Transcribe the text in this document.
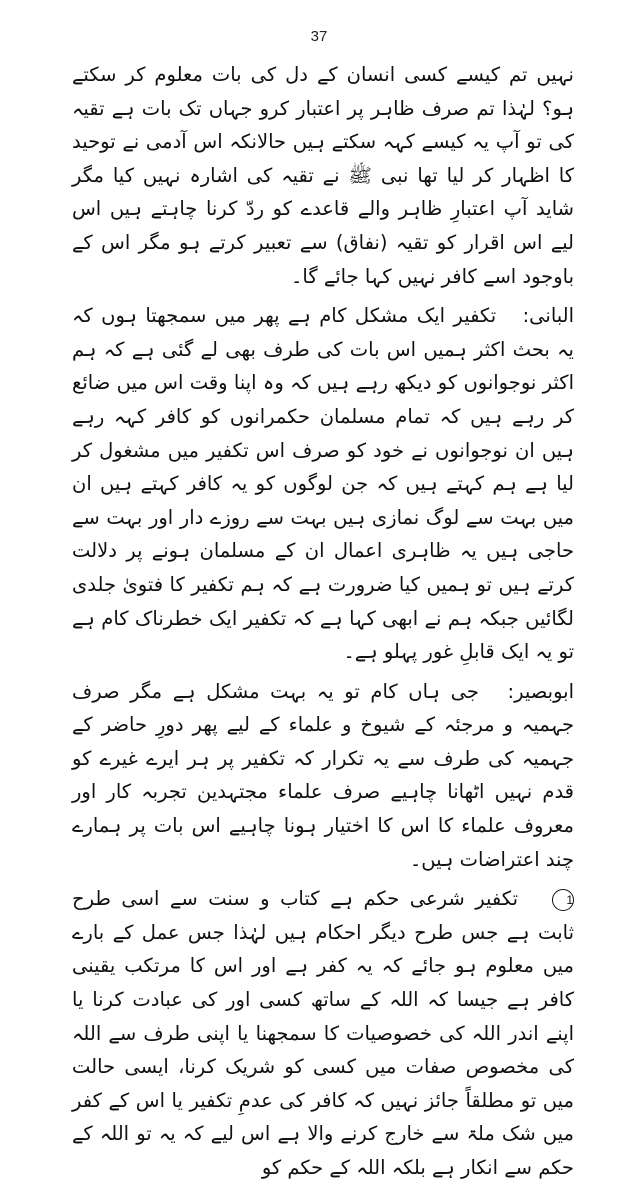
37

نہیں تم کیسے کسی انسان کے دل کی بات معلوم کر سکتے ہو؟ لہٰذا تم صرف ظاہر پر اعتبار کرو جہاں تک بات ہے تقیہ کی تو آپ یہ کیسے کہہ سکتے ہیں حالانکہ اس آدمی نے توحید کا اظہار کر لیا تھا نبی ﷺ نے تقیہ کی اشارہ نہیں کیا مگر شاید آپ اعتبارِ ظاہر والے قاعدے کو ردّ کرنا چاہتے ہیں اس لیے اس اقرار کو تقیہ (نفاق) سے تعبیر کرتے ہو مگر اس کے باوجود اسے کافر نہیں کہا جائے گا۔

البانی: تکفیر ایک مشکل کام ہے پھر میں سمجھتا ہوں کہ یہ بحث اکثر ہمیں اس بات کی طرف بھی لے گئی ہے کہ ہم اکثر نوجوانوں کو دیکھ رہے ہیں کہ وہ اپنا وقت اس میں ضائع کر رہے ہیں کہ تمام مسلمان حکمرانوں کو کافر کہہ رہے ہیں ان نوجوانوں نے خود کو صرف اس تکفیر میں مشغول کر لیا ہے ہم کہتے ہیں کہ جن لوگوں کو یہ کافر کہتے ہیں ان میں بہت سے لوگ نمازی ہیں بہت سے روزے دار اور بہت سے حاجی ہیں یہ ظاہری اعمال ان کے مسلمان ہونے پر دلالت کرتے ہیں تو ہمیں کیا ضرورت ہے کہ ہم تکفیر کا فتویٰ جلدی لگائیں جبکہ ہم نے ابھی کہا ہے کہ تکفیر ایک خطرناک کام ہے تو یہ ایک قابلِ غور پہلو ہے۔

ابوبصیر: جی ہاں کام تو یہ بہت مشکل ہے مگر صرف جہمیہ و مرجئہ کے شیوخ و علماء کے لیے پھر دورِ حاضر کے جہمیہ کی طرف سے یہ تکرار کہ تکفیر پر ہر ایرے غیرے کو قدم نہیں اٹھانا چاہیے صرف علماء مجتہدین تجربہ کار اور معروف علماء کا اس کا اختیار ہونا چاہیے اس بات پر ہمارے چند اعتراضات ہیں۔

1تکفیر شرعی حکم ہے کتاب و سنت سے اسی طرح ثابت ہے جس طرح دیگر احکام ہیں لہٰذا جس عمل کے بارے میں معلوم ہو جائے کہ یہ کفر ہے اور اس کا مرتکب یقینی کافر ہے جیسا کہ اللہ کے ساتھ کسی اور کی عبادت کرنا یا اپنے اندر اللہ کی خصوصیات کا سمجھنا یا اپنی طرف سے اللہ کی مخصوص صفات میں کسی کو شریک کرنا، ایسی حالت میں تو مطلقاً جائز نہیں کہ کافر کی عدمِ تکفیر یا اس کے کفر میں شک ملۃ سے خارج کرنے والا ہے اس لیے کہ یہ تو اللہ کے حکم سے انکار ہے بلکہ اللہ کے حکم کو
